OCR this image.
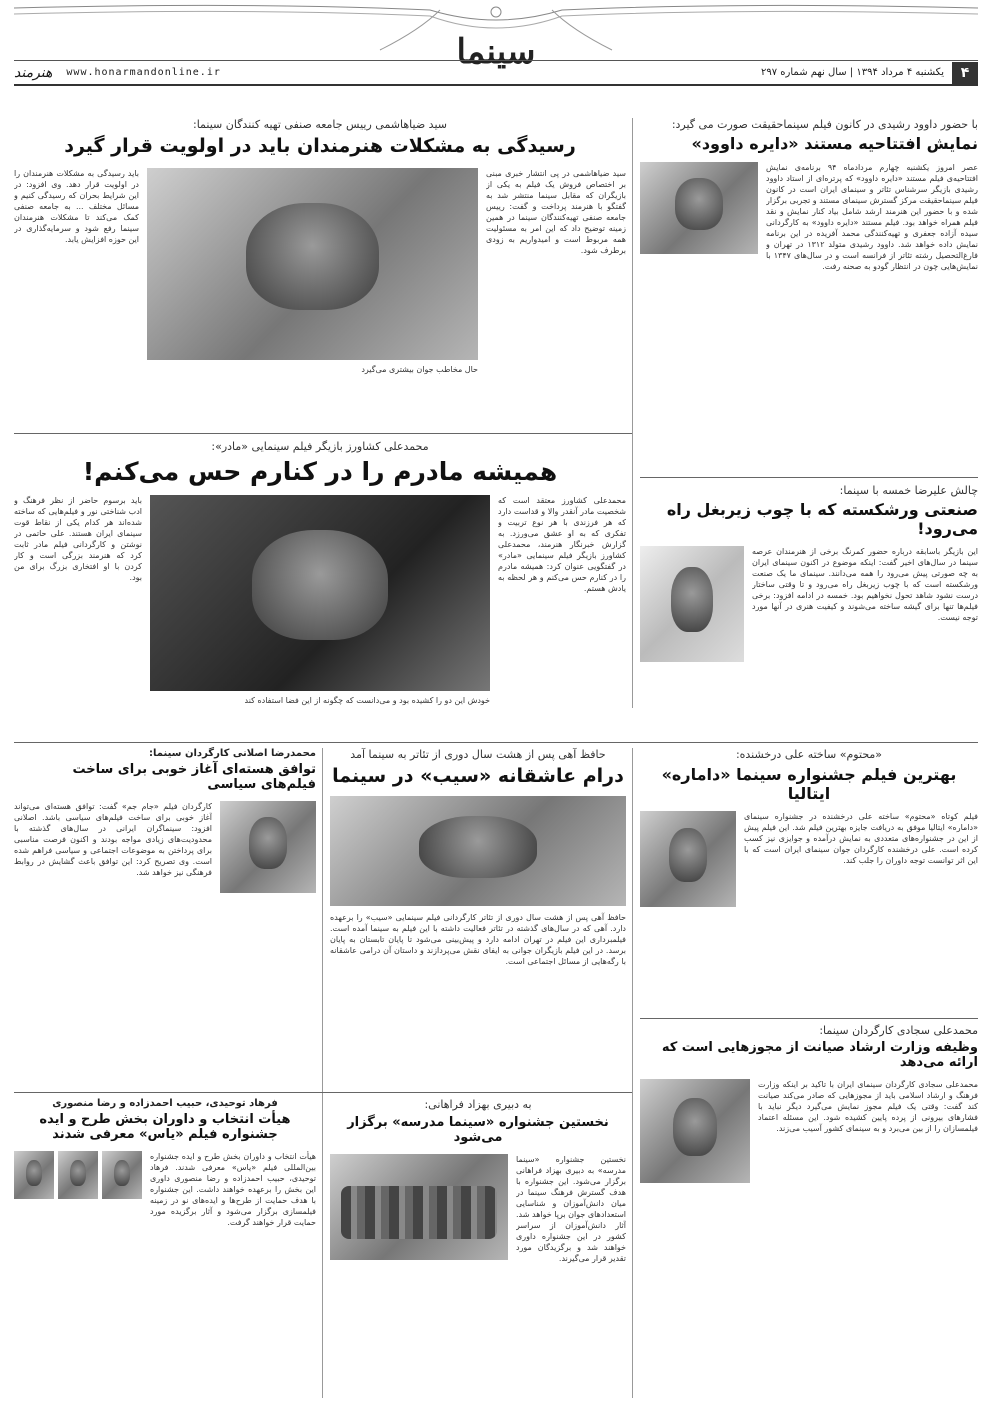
سینما
۴
یکشنبه ۴ مرداد ۱۳۹۴ | سال نهم شماره ۲۹۷
هنرمند www.honarmandonline.ir
با حضور داوود رشیدی در کانون فیلم سینماحقیقت صورت می گیرد:
نمایش افتتاحیه مستند «دایره داوود»
عصر امروز یکشنبه چهارم مردادماه ۹۴ برنامه‌ی نمایش افتتاحیه‌ی فیلم مستند «دایره داوود» که پرتره‌ای از استاد داوود رشیدی بازیگر سرشناس تئاتر و سینمای ایران است در کانون فیلم سینماحقیقت مرکز گسترش سینمای مستند و تجربی برگزار شده و با حضور این هنرمند ارشد شامل بیاد کنار نمایش و نقد فیلم همراه خواهد بود. فیلم مستند «دایره داوود» به کارگردانی سیده آزاده جعفری و تهیه‌کنندگی محمد آفریده در این برنامه نمایش داده خواهد شد. داوود رشیدی متولد ۱۳۱۲ در تهران و فارغ‌التحصیل رشته تئاتر از فرانسه است و در سال‌های ۱۳۴۷ با نمایش‌هایی چون در انتظار گودو به صحنه رفت.
سید ضیاهاشمی رییس جامعه صنفی تهیه کنندگان سینما:
رسیدگی به مشکلات هنرمندان باید در اولویت قرار گیرد
سید ضیاهاشمی در پی انتشار خبری مبنی بر اختصاص فروش یک فیلم به یکی از بازیگران که مقابل سینما منتشر شد به گفتگو با هنرمند پرداخت و گفت: رییس جامعه صنفی تهیه‌کنندگان سینما در همین زمینه توضیح داد که این امر به مسئولیت همه مربوط است و امیدواریم به زودی برطرف شود.
حال مخاطب جوان بیشتری می‌گیرد
باید رسیدگی به مشکلات هنرمندان را در اولویت قرار دهد. وی افزود: در این شرایط بحران که رسیدگی کنیم و مسائل مختلف ... به جامعه صنفی کمک می‌کند تا مشکلات هنرمندان سینما رفع شود و سرمایه‌گذاری در این حوزه افزایش یابد.
محمدعلی کشاورز بازیگر فیلم سینمایی «مادر»:
همیشه مادرم را در کنارم حس می‌کنم!
محمدعلی کشاورز معتقد است که شخصیت مادر آنقدر والا و قداست دارد که هر فرزندی با هر نوع تربیت و تفکری که به او عشق می‌ورزد. به گزارش خبرنگار هنرمند، محمدعلی کشاورز بازیگر فیلم سینمایی «مادر» در گفتگویی عنوان کرد: همیشه مادرم را در کنارم حس می‌کنم و هر لحظه به یادش هستم.
خودش این دو را کشیده بود و می‌دانست که چگونه از این فضا استفاده کند
باید برسوم حاضر از نظر فرهنگ و ادب شناختی نور و فیلم‌هایی که ساخته شده‌اند هر کدام یکی از نقاط قوت سینمای ایران هستند. علی حاتمی در نوشتن و کارگردانی فیلم مادر ثابت کرد که هنرمند بزرگی است و کار کردن با او افتخاری بزرگ برای من بود.
چالش علیرضا خمسه با سینما:
صنعتی ورشکسته که با چوب زیربغل راه می‌رود!
این بازیگر باسابقه درباره حضور کمرنگ برخی از هنرمندان عرصه سینما در سال‌های اخیر گفت: اینکه موضوع در اکنون سینمای ایران به چه صورتی پیش می‌رود را همه می‌دانند. سینمای ما یک صنعت ورشکسته است که با چوب زیربغل راه می‌رود و تا وقتی ساختار درست نشود شاهد تحول نخواهیم بود. خمسه در ادامه افزود: برخی فیلم‌ها تنها برای گیشه ساخته می‌شوند و کیفیت هنری در آنها مورد توجه نیست.
محمدرضا اصلانی کارگردان سینما:
توافق هسته‌ای آغاز خوبی برای ساخت فیلم‌های سیاسی
کارگردان فیلم «جام جم» گفت: توافق هسته‌ای می‌تواند آغاز خوبی برای ساخت فیلم‌های سیاسی باشد. اصلانی افزود: سینماگران ایرانی در سال‌های گذشته با محدودیت‌های زیادی مواجه بودند و اکنون فرصت مناسبی برای پرداختن به موضوعات اجتماعی و سیاسی فراهم شده است. وی تصریح کرد: این توافق باعث گشایش در روابط فرهنگی نیز خواهد شد.
حافظ آهی پس از هشت سال دوری از تئاتر به سینما آمد
درام عاشقانه «سیب» در سینما
حافظ آهی پس از هشت سال دوری از تئاتر کارگردانی فیلم سینمایی «سیب» را برعهده دارد. آهی که در سال‌های گذشته در تئاتر فعالیت داشته با این فیلم به سینما آمده است. فیلمبرداری این فیلم در تهران ادامه دارد و پیش‌بینی می‌شود تا پایان تابستان به پایان برسد. در این فیلم بازیگران جوانی به ایفای نقش می‌پردازند و داستان آن درامی عاشقانه با رگه‌هایی از مسائل اجتماعی است.
«محتوم» ساخته علی درخشنده:
بهترین فیلم جشنواره سینما «داماره» ایتالیا
فیلم کوتاه «محتوم» ساخته علی درخشنده در جشنواره سینمای «داماره» ایتالیا موفق به دریافت جایزه بهترین فیلم شد. این فیلم پیش از این در جشنواره‌های متعددی به نمایش درآمده و جوایزی نیز کسب کرده است. علی درخشنده کارگردان جوان سینمای ایران است که با این اثر توانست توجه داوران را جلب کند.
محمدعلی سجادی کارگردان سینما:
وظیفه وزارت ارشاد صیانت از مجوزهایی است که ارائه می‌دهد
محمدعلی سجادی کارگردان سینمای ایران با تاکید بر اینکه وزارت فرهنگ و ارشاد اسلامی باید از مجوزهایی که صادر می‌کند صیانت کند گفت: وقتی یک فیلم مجوز نمایش می‌گیرد دیگر نباید با فشارهای بیرونی از پرده پایین کشیده شود. این مسئله اعتماد فیلمسازان را از بین می‌برد و به سینمای کشور آسیب می‌زند.
به دبیری بهزاد فراهانی:
نخستین جشنواره «سینما مدرسه» برگزار می‌شود
نخستین جشنواره «سینما مدرسه» به دبیری بهزاد فراهانی برگزار می‌شود. این جشنواره با هدف گسترش فرهنگ سینما در میان دانش‌آموزان و شناسایی استعدادهای جوان برپا خواهد شد. آثار دانش‌آموزان از سراسر کشور در این جشنواره داوری خواهند شد و برگزیدگان مورد تقدیر قرار می‌گیرند.
فرهاد توحیدی، حبیب احمدزاده و رضا منصوری
هیأت انتخاب و داوران بخش طرح و ایده جشنواره فیلم «یاس» معرفی شدند
هیأت انتخاب و داوران بخش طرح و ایده جشنواره بین‌المللی فیلم «یاس» معرفی شدند. فرهاد توحیدی، حبیب احمدزاده و رضا منصوری داوری این بخش را برعهده خواهند داشت. این جشنواره با هدف حمایت از طرح‌ها و ایده‌های نو در زمینه فیلمسازی برگزار می‌شود و آثار برگزیده مورد حمایت قرار خواهند گرفت.
